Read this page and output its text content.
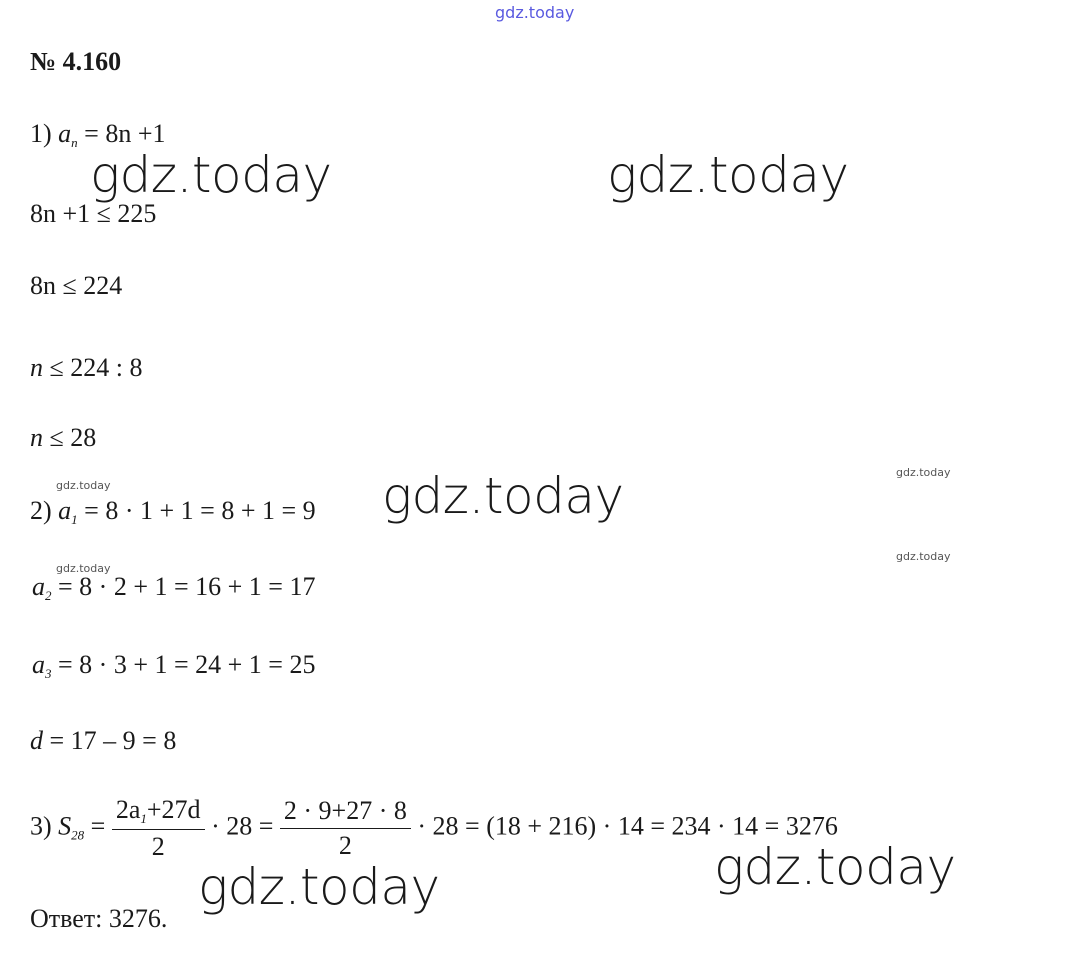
gdz.today
№ 4.160
1) $a_n = 8n +1$
gdz.today	gdz.today
8n +1 ≤ 225
8n ≤ 224
n ≤ 224 : 8
n ≤ 28
gdz.today
gdz.today
gdz.today
2) $a_1 = 8 \cdot 1 + 1 = 8 + 1 = 9$
gdz.today
gdz.today
$a_2 = 8 \cdot 2 + 1 = 16 + 1 = 17$
$a_3 = 8 \cdot 3 + 1 = 24 + 1 = 25$
d = 17 – 9 = 8
3) $S_{28} = \frac{2a_1+27d}{2} \cdot 28 = \frac{2 \cdot 9+27 \cdot 8}{2} \cdot 28 = (18 + 216) \cdot 14 = 234 \cdot 14 = 3276$
gdz.today
gdz.today
Ответ: 3276.
